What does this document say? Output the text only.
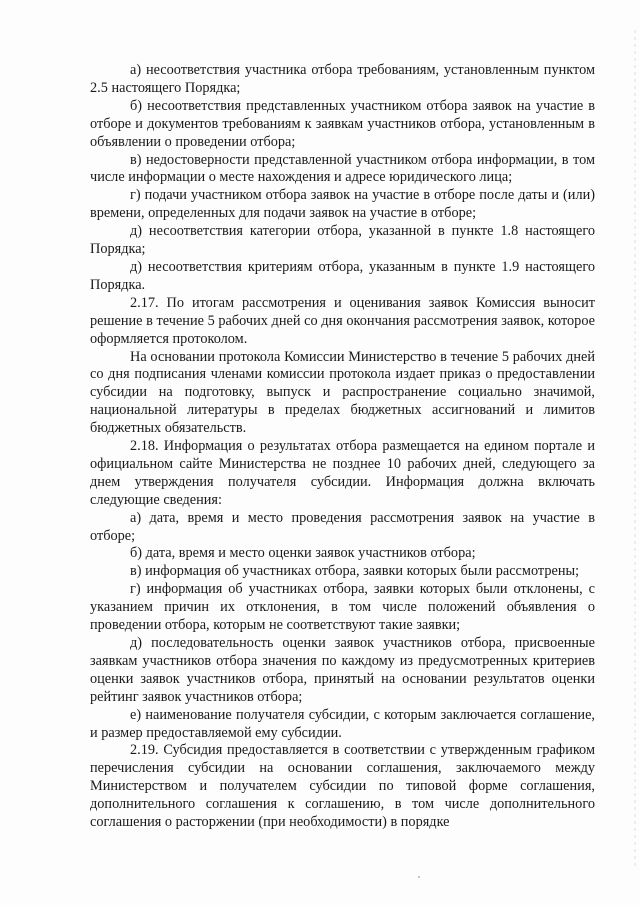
а) несоответствия участника отбора требованиям, установленным пунктом 2.5 настоящего Порядка;

б) несоответствия представленных участником отбора заявок на участие в отборе и документов требованиям к заявкам участников отбора, установленным в объявлении о проведении отбора;

в) недостоверности представленной участником отбора информации, в том числе информации о месте нахождения и адресе юридического лица;

г) подачи участником отбора заявок на участие в отборе после даты и (или) времени, определенных для подачи заявок на участие в отборе;

д) несоответствия категории отбора, указанной в пункте 1.8 настоящего Порядка;

д) несоответствия критериям отбора, указанным в пункте 1.9 настоящего Порядка.

2.17. По итогам рассмотрения и оценивания заявок Комиссия выносит решение в течение 5 рабочих дней со дня окончания рассмотрения заявок, которое оформляется протоколом.

На основании протокола Комиссии Министерство в течение 5 рабочих дней со дня подписания членами комиссии протокола издает приказ о предоставлении субсидии на подготовку, выпуск и распространение социально значимой, национальной литературы в пределах бюджетных ассигнований и лимитов бюджетных обязательств.

2.18. Информация о результатах отбора размещается на едином портале и официальном сайте Министерства не позднее 10 рабочих дней, следующего за днем утверждения получателя субсидии. Информация должна включать следующие сведения:

а) дата, время и место проведения рассмотрения заявок на участие в отборе;

б) дата, время и место оценки заявок участников отбора;

в) информация об участниках отбора, заявки которых были рассмотрены;

г) информация об участниках отбора, заявки которых были отклонены, с указанием причин их отклонения, в том числе положений объявления о проведении отбора, которым не соответствуют такие заявки;

д) последовательность оценки заявок участников отбора, присвоенные заявкам участников отбора значения по каждому из предусмотренных критериев оценки заявок участников отбора, принятый на основании результатов оценки рейтинг заявок участников отбора;

е) наименование получателя субсидии, с которым заключается соглашение, и размер предоставляемой ему субсидии.

2.19. Субсидия предоставляется в соответствии с утвержденным графиком перечисления субсидии на основании соглашения, заключаемого между Министерством и получателем субсидии по типовой форме соглашения, дополнительного соглашения к соглашению, в том числе дополнительного соглашения о расторжении (при необходимости) в порядке
